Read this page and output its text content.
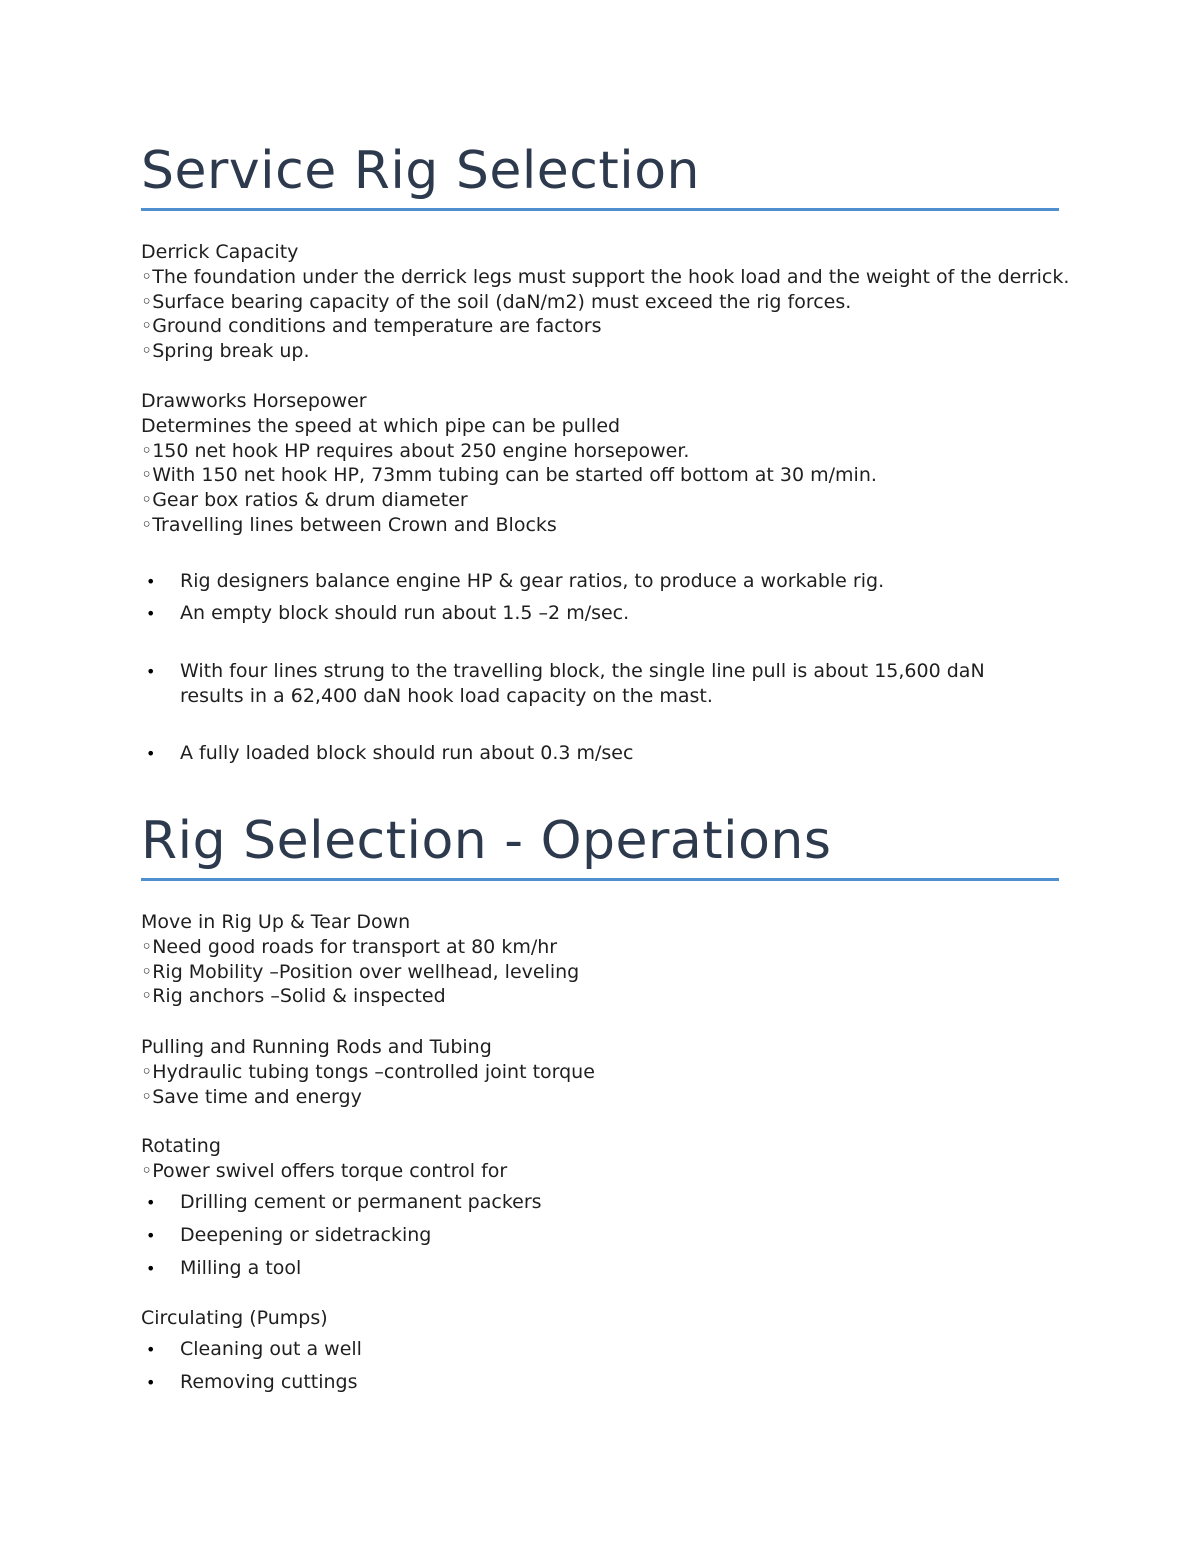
Service Rig Selection
Derrick Capacity
◦The foundation under the derrick legs must support the hook load and the weight of the derrick.
◦Surface bearing capacity of the soil (daN/m2) must exceed the rig forces.
◦Ground conditions and temperature are factors
◦Spring break up.
Drawworks Horsepower
Determines the speed at which pipe can be pulled
◦150 net hook HP requires about 250 engine horsepower.
◦With 150 net hook HP, 73mm tubing can be started off bottom at 30 m/min.
◦Gear box ratios & drum diameter
◦Travelling lines between Crown and Blocks
• Rig designers balance engine HP & gear ratios, to produce a workable rig.
• An empty block should run about 1.5 –2 m/sec.
• With four lines strung to the travelling block, the single line pull is about 15,600 daN results in a 62,400 daN hook load capacity on the mast.
• A fully loaded block should run about 0.3 m/sec
Rig Selection - Operations
Move in Rig Up & Tear Down
◦Need good roads for transport at 80 km/hr
◦Rig Mobility –Position over wellhead, leveling
◦Rig anchors –Solid & inspected
Pulling and Running Rods and Tubing
◦Hydraulic tubing tongs –controlled joint torque
◦Save time and energy
Rotating
◦Power swivel offers torque control for
• Drilling cement or permanent packers
• Deepening or sidetracking
• Milling a tool
Circulating (Pumps)
• Cleaning out a well
• Removing cuttings
